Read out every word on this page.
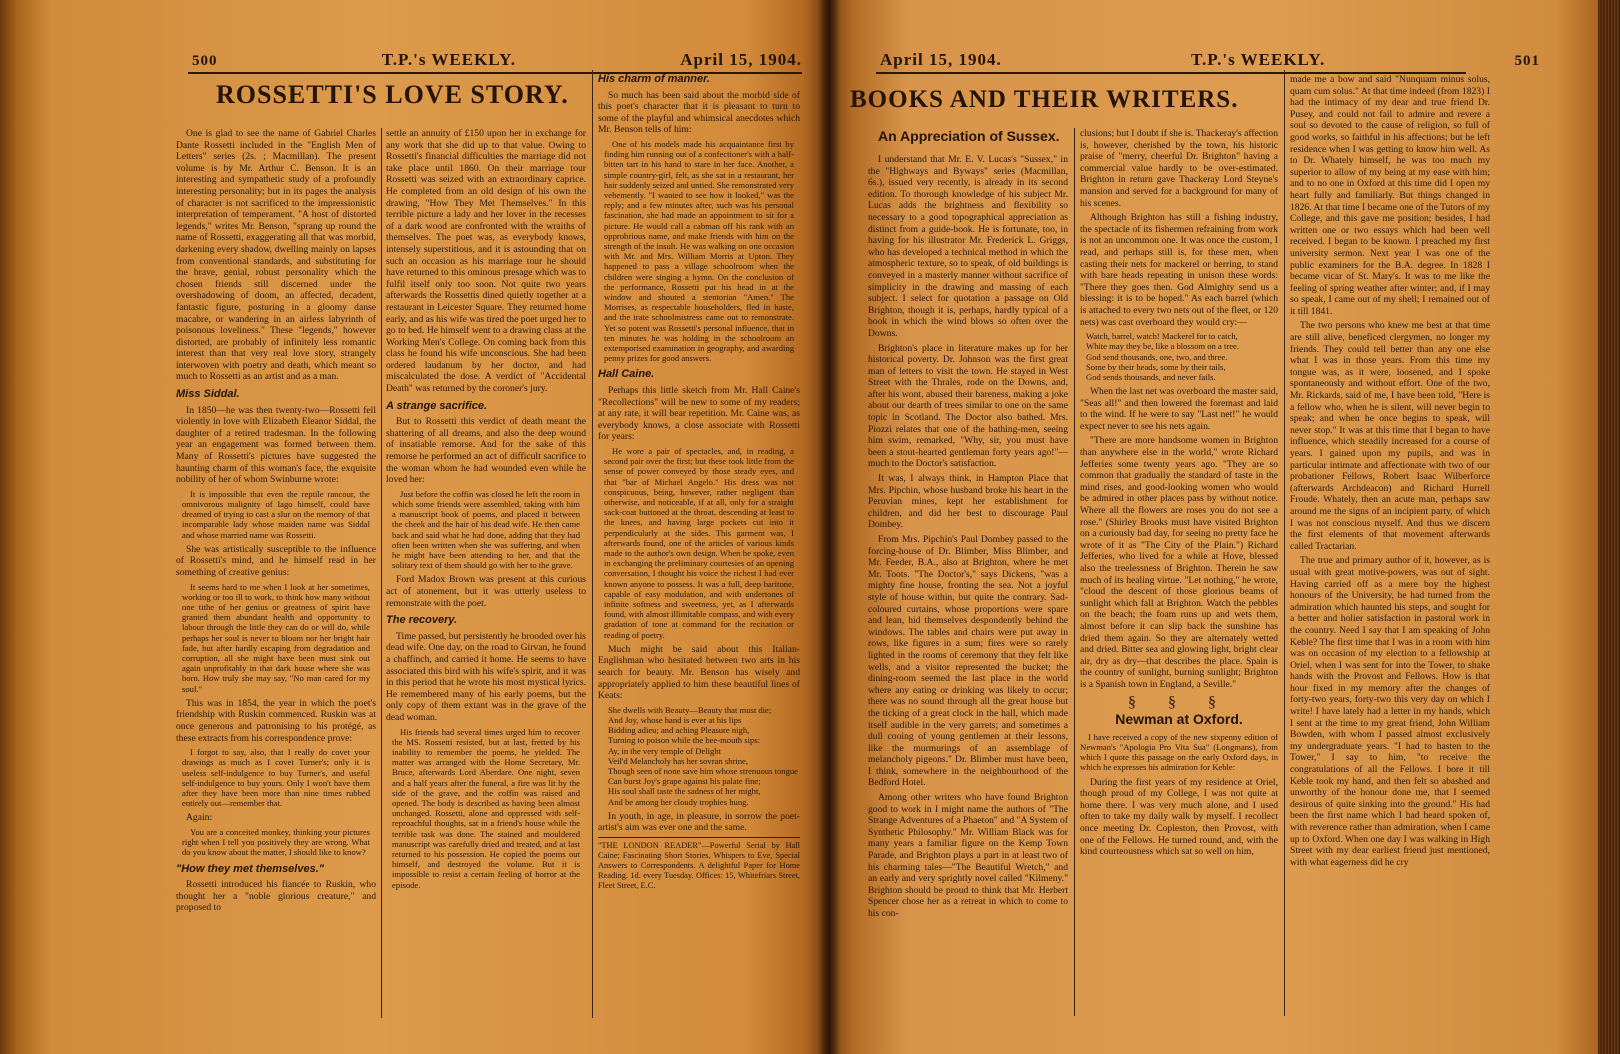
500	T.P.'s WEEKLY.	April 15, 1904.
ROSSETTI'S LOVE STORY.

One is glad to see the name of Gabriel Charles Dante Rossetti included in the "English Men of Letters" series (2s. ; Macmillan). The present volume is by Mr. Arthur C. Benson. It is an interesting and sympathetic study of a profoundly interesting personality; but in its pages the analysis of character is not sacrificed to the impressionistic interpretation of temperament. "A host of distorted legends," writes Mr. Benson, "sprang up round the name of Rossetti, exaggerating all that was morbid, darkening every shadow, dwelling mainly on lapses from conventional standards, and substituting for the brave, genial, robust personality which the chosen friends still discerned under the overshadowing of doom, an affected, decadent, fantastic figure, posturing in a gloomy danse macabre, or wandering in an airless labyrinth of poisonous loveliness." These "legends," however distorted, are probably of infinitely less romantic interest than that very real love story, strangely interwoven with poetry and death, which meant so much to Rossetti as an artist and as a man.

Miss Siddal.

In 1850—he was then twenty-two—Rossetti fell violently in love with Elizabeth Eleanor Siddal, the daughter of a retired tradesman. In the following year an engagement was formed between them. Many of Rossetti's pictures have suggested the haunting charm of this woman's face, the exquisite nobility of her of whom Swinburne wrote:

It is impossible that even the reptile rancour, the omnivorous malignity of Iago himself, could have dreamed of trying to cast a slur on the memory of that incomparable lady whose maiden name was Siddal and whose married name was Rossetti.

She was artistically susceptible to the influence of Rossetti's mind, and he himself read in her something of creative genius:

It seems hard to me when I look at her sometimes, working or too ill to work, to think how many without one tithe of her genius or greatness of spirit have granted them abundant health and opportunity to labour through the little they can do or will do, while perhaps her soul is never to bloom nor her bright hair fade, but after hardly escaping from degradation and corruption, all she might have been must sink out again unprofitably in that dark house where she was born. How truly she may say, "No man cared for my soul."

This was in 1854, the year in which the poet's friendship with Ruskin commenced. Ruskin was at once generous and patronising to his protégé, as these extracts from his correspondence prove:

I forgot to say, also, that I really do covet your drawings as much as I covet Turner's; only it is useless self-indulgence to buy Turner's, and useful self-indulgence to buy yours. Only I won't have them after they have been more than nine times rubbed entirely out—remember that.

Again:

You are a conceited monkey, thinking your pictures right when I tell you positively they are wrong. What do you know about the matter, I should like to know?

"How they met themselves."

Rossetti introduced his fiancée to Ruskin, who thought her a "noble glorious creature," and proposed to

settle an annuity of £150 upon her in exchange for any work that she did up to that value. Owing to Rossetti's financial difficulties the marriage did not take place until 1860. On their marriage tour Rossetti was seized with an extraordinary caprice. He completed from an old design of his own the drawing, "How They Met Themselves." In this terrible picture a lady and her lover in the recesses of a dark wood are confronted with the wraiths of themselves. The poet was, as everybody knows, intensely superstitious, and it is astounding that on such an occasion as his marriage tour he should have returned to this ominous presage which was to fulfil itself only too soon. Not quite two years afterwards the Rossettis dined quietly together at a restaurant in Leicester Square. They returned home early, and as his wife was tired the poet urged her to go to bed. He himself went to a drawing class at the Working Men's College. On coming back from this class he found his wife unconscious. She had been ordered laudanum by her doctor, and had miscalculated the dose. A verdict of "Accidental Death" was returned by the coroner's jury.

A strange sacrifice.

But to Rossetti this verdict of death meant the shattering of all dreams, and also the deep wound of insatiable remorse. And for the sake of this remorse he performed an act of difficult sacrifice to the woman whom he had wounded even while he loved her:

Just before the coffin was closed he left the room in which some friends were assembled, taking with him a manuscript book of poems, and placed it between the cheek and the hair of his dead wife. He then came back and said what he had done, adding that they had often been written when she was suffering, and when he might have been attending to her, and that the solitary text of them should go with her to the grave.

Ford Madox Brown was present at this curious act of atonement, but it was utterly useless to remonstrate with the poet.

The recovery.

Time passed, but persistently he brooded over his dead wife. One day, on the road to Girvan, he found a chaffinch, and carried it home. He seems to have associated this bird with his wife's spirit, and it was in this period that he wrote his most mystical lyrics. He remembered many of his early poems, but the only copy of them extant was in the grave of the dead woman.

His friends had several times urged him to recover the MS. Rossetti resisted, but at last, fretted by his inability to remember the poems, he yielded. The matter was arranged with the Home Secretary, Mr. Bruce, afterwards Lord Aberdare. One night, seven and a half years after the funeral, a fire was lit by the side of the grave, and the coffin was raised and opened. The body is described as having been almost unchanged. Rossetti, alone and oppressed with self-reproachful thoughts, sat in a friend's house while the terrible task was done. The stained and mouldered manuscript was carefully dried and treated, and at last returned to his possession. He copied the poems out himself, and destroyed the volume. But it is impossible to resist a certain feeling of horror at the episode.

His charm of manner.

So much has been said about the morbid side of this poet's character that it is pleasant to turn to some of the playful and whimsical anecdotes which Mr. Benson tells of him:

One of his models made his acquaintance first by finding him running out of a confectioner's with a half-bitten tart in his hand to stare in her face. Another, a simple country-girl, felt, as she sat in a restaurant, her hair suddenly seized and untied. She remonstrated very vehemently. "I wanted to see how it looked," was the reply; and a few minutes after, such was his personal fascination, she had made an appointment to sit for a picture. He would call a cabman off his rank with an opprobrious name, and make friends with him on the strength of the insult. He was walking on one occasion with Mr. and Mrs. William Morris at Upton. They happened to pass a village schoolroom when the children were singing a hymn. On the conclusion of the performance, Rossetti put his head in at the window and shouted a stentorian "Amen." The Morrises, as respectable householders, fled in haste, and the irate schoolmistress came out to remonstrate. Yet so potent was Rossetti's personal influence, that in ten minutes he was holding in the schoolroom an extemporised examination in geography, and awarding penny prizes for good answers.

Hall Caine.

Perhaps this little sketch from Mr. Hall Caine's "Recollections" will be new to some of my readers; at any rate, it will bear repetition. Mr. Caine was, as everybody knows, a close associate with Rossetti for years:

He wore a pair of spectacles, and, in reading, a second pair over the first; but these took little from the sense of power conveyed by those steady eyes, and that "bar of Michael Angelo." His dress was not conspicuous, being, however, rather negligent than otherwise, and noticeable, if at all, only for a straight sack-coat buttoned at the throat, descending at least to the knees, and having large pockets cut into it perpendicularly at the sides. This garment was, I afterwards found, one of the articles of various kinds made to the author's own design. When he spoke, even in exchanging the preliminary courtesies of an opening conversation, I thought his voice the richest I had ever known anyone to possess. It was a full, deep baritone, capable of easy modulation, and with undertones of infinite softness and sweetness, yet, as I afterwards found, with almost illimitable compass, and with every gradation of tone at command for the recitation or reading of poetry.

Much might be said about this Italian-Englishman who hesitated between two arts in his search for beauty. Mr. Benson has wisely and appropriately applied to him these beautiful lines of Keats:

She dwells with Beauty—Beauty that must die;
And Joy, whose hand is ever at his lips
Bidding adieu; and aching Pleasure nigh,
Turning to poison while the bee-mouth sips:
Ay, in the very temple of Delight
Veil'd Melancholy has her sovran shrine,
Though seen of none save him whose strenuous tongue
Can burst Joy's grape against his palate fine;
His soul shall taste the sadness of her might,
And be among her cloudy trophies hung.

In youth, in age, in pleasure, in sorrow the poet-artist's aim was ever one and the same.

"THE LONDON READER"—Powerful Serial by Hall Caine; Fascinating Short Stories, Whispers to Eve, Special Answers to Correspondents. A delightful Paper for Home Reading. 1d. every Tuesday. Offices: 15, Whitefriars Street, Fleet Street, E.C.

April 15, 1904.	T.P.'s WEEKLY.	501
BOOKS AND THEIR WRITERS.
An Appreciation of Sussex.

I understand that Mr. E. V. Lucas's "Sussex," in the "Highways and Byways" series (Macmillan, 6s.), issued very recently, is already in its second edition. To thorough knowledge of his subject Mr. Lucas adds the brightness and flexibility so necessary to a good topographical appreciation as distinct from a guide-book. He is fortunate, too, in having for his illustrator Mr. Frederick L. Griggs, who has developed a technical method in which the atmospheric texture, so to speak, of old buildings is conveyed in a masterly manner without sacrifice of simplicity in the drawing and massing of each subject. I select for quotation a passage on Old Brighton, though it is, perhaps, hardly typical of a book in which the wind blows so often over the Downs.

Brighton's place in literature makes up for her historical poverty. Dr. Johnson was the first great man of letters to visit the town. He stayed in West Street with the Thrales, rode on the Downs, and, after his wont, abused their bareness, making a joke about our dearth of trees similar to one on the same topic in Scotland. The Doctor also bathed. Mrs. Piozzi relates that one of the bathing-men, seeing him swim, remarked, "Why, sir, you must have been a stout-hearted gentleman forty years ago!"—much to the Doctor's satisfaction.

It was, I always think, in Hampton Place that Mrs. Pipchin, whose husband broke his heart in the Peruvian mines, kept her establishment for children, and did her best to discourage Paul Dombey.

From Mrs. Pipchin's Paul Dombey passed to the forcing-house of Dr. Blimber, Miss Blimber, and Mr. Feeder, B.A., also at Brighton, where he met Mr. Toots. "The Doctor's," says Dickens, "was a mighty fine house, fronting the sea. Not a joyful style of house within, but quite the contrary. Sad-coloured curtains, whose proportions were spare and lean, hid themselves despondently behind the windows. The tables and chairs were put away in rows, like figures in a sum; fires were so rarely lighted in the rooms of ceremony that they felt like wells, and a visitor represented the bucket; the dining-room seemed the last place in the world where any eating or drinking was likely to occur; there was no sound through all the great house but the ticking of a great clock in the hall, which made itself audible in the very garrets; and sometimes a dull cooing of young gentlemen at their lessons, like the murmurings of an assemblage of melancholy pigeons." Dr. Blimber must have been, I think, somewhere in the neighbourhood of the Bedford Hotel.

Among other writers who have found Brighton good to work in I might name the authors of "The Strange Adventures of a Phaeton" and "A System of Synthetic Philosophy." Mr. William Black was for many years a familiar figure on the Kemp Town Parade, and Brighton plays a part in at least two of his charming tales—"The Beautiful Wretch," and an early and very sprightly novel called "Kilmeny." Brighton should be proud to think that Mr. Herbert Spencer chose her as a retreat in which to come to his con-

clusions; but I doubt if she is. Thackeray's affection is, however, cherished by the town, his historic praise of "merry, cheerful Dr. Brighton" having a commercial value hardly to be over-estimated. Brighton in return gave Thackeray Lord Steyne's mansion and served for a background for many of his scenes.

Although Brighton has still a fishing industry, the spectacle of its fishermen refraining from work is not an uncommon one. It was once the custom, I read, and perhaps still is, for these men, when casting their nets for mackerel or herring, to stand with bare heads repeating in unison these words: "There they goes then. God Almighty send us a blessing: it is to be hoped." As each barrel (which is attached to every two nets out of the fleet, or 120 nets) was cast overboard they would cry:—

Watch, barrel, watch! Mackerel for to catch,
White may they be, like a blossom on a tree.
God send thousands, one, two, and three.
Some by their heads, some by their tails,
God sends thousands, and never fails.

When the last net was overboard the master said, "Seas all!" and then lowered the foremast and laid to the wind. If he were to say "Last net!" he would expect never to see his nets again.

"There are more handsome women in Brighton than anywhere else in the world," wrote Richard Jefferies some twenty years ago. "They are so common that gradually the standard of taste in the mind rises, and good-looking women who would be admired in other places pass by without notice. Where all the flowers are roses you do not see a rose." (Shirley Brooks must have visited Brighton on a curiously bad day, for seeing no pretty face he wrote of it as "The City of the Plain.") Richard Jefferies, who lived for a while at Hove, blessed also the treelessness of Brighton. Therein he saw much of its healing virtue. "Let nothing," he wrote, "cloud the descent of those glorious beams of sunlight which fall at Brighton. Watch the pebbles on the beach; the foam runs up and wets them, almost before it can slip back the sunshine has dried them again. So they are alternately wetted and dried. Bitter sea and glowing light, bright clear air, dry as dry—that describes the place. Spain is the country of sunlight, burning sunlight; Brighton is a Spanish town in England, a Seville."

§ § §
Newman at Oxford.

I have received a copy of the new sixpenny edition of Newman's "Apologia Pro Vita Sua" (Longmans), from which I quote this passage on the early Oxford days, in which he expresses his admiration for Keble:

During the first years of my residence at Oriel, though proud of my College, I was not quite at home there. I was very much alone, and I used often to take my daily walk by myself. I recollect once meeting Dr. Copleston, then Provost, with one of the Fellows. He turned round, and, with the kind courteousness which sat so well on him,

made me a bow and said "Nunquam minus solus, quam cum solus." At that time indeed (from 1823) I had the intimacy of my dear and true friend Dr. Pusey, and could not fail to admire and revere a soul so devoted to the cause of religion, so full of good works, so faithful in his affections; but he left residence when I was getting to know him well. As to Dr. Whately himself, he was too much my superior to allow of my being at my ease with him; and to no one in Oxford at this time did I open my heart fully and familiarly. But things changed in 1826. At that time I became one of the Tutors of my College, and this gave me position; besides, I had written one or two essays which had been well received. I began to be known. I preached my first university sermon. Next year I was one of the public examiners for the B.A. degree. In 1828 I became vicar of St. Mary's. It was to me like the feeling of spring weather after winter; and, if I may so speak, I came out of my shell; I remained out of it till 1841.

The two persons who knew me best at that time are still alive, beneficed clergymen, no longer my friends. They could tell better than any one else what I was in those years. From this time my tongue was, as it were, loosened, and I spoke spontaneously and without effort. One of the two, Mr. Rickards, said of me, I have been told, "Here is a fellow who, when he is silent, will never begin to speak; and when he once begins to speak, will never stop." It was at this time that I began to have influence, which steadily increased for a course of years. I gained upon my pupils, and was in particular intimate and affectionate with two of our probationer Fellows, Robert Isaac Wilberforce (afterwards Archdeacon) and Richard Hurrell Froude. Whately, then an acute man, perhaps saw around me the signs of an incipient party, of which I was not conscious myself. And thus we discern the first elements of that movement afterwards called Tractarian.

The true and primary author of it, however, as is usual with great motive-powers, was out of sight. Having carried off as a mere boy the highest honours of the University, he had turned from the admiration which haunted his steps, and sought for a better and holier satisfaction in pastoral work in the country. Need I say that I am speaking of John Keble? The first time that I was in a room with him was on occasion of my election to a fellowship at Oriel, when I was sent for into the Tower, to shake hands with the Provost and Fellows. How is that hour fixed in my memory after the changes of forty-two years, forty-two this very day on which I write! I have lately had a letter in my hands, which I sent at the time to my great friend, John William Bowden, with whom I passed almost exclusively my undergraduate years. "I had to hasten to the Tower," I say to him, "to receive the congratulations of all the Fellows. I bore it till Keble took my hand, and then felt so abashed and unworthy of the honour done me, that I seemed desirous of quite sinking into the ground." His had been the first name which I had heard spoken of, with reverence rather than admiration, when I came up to Oxford. When one day I was walking in High Street with my dear earliest friend just mentioned, with what eagerness did he cry
